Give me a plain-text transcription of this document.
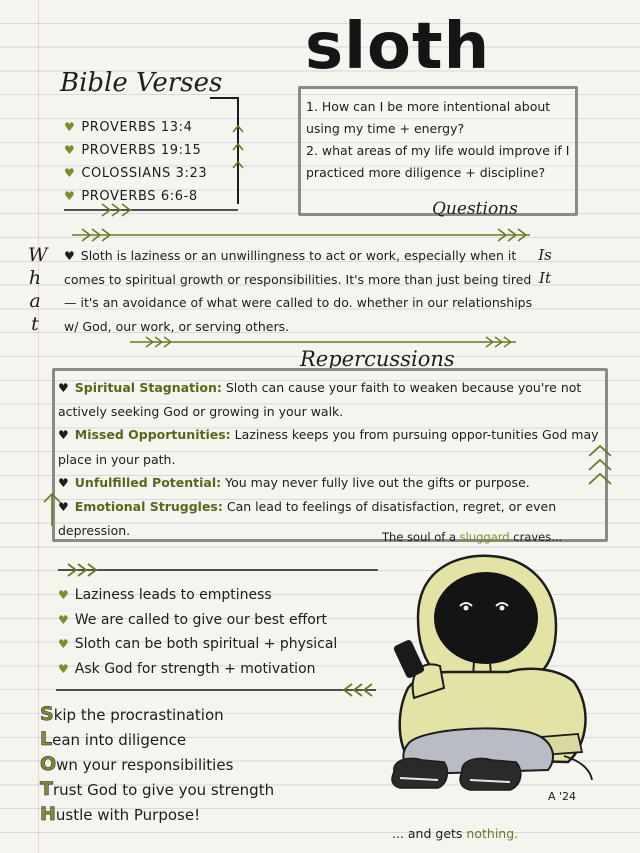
sloth
Bible Verses
♥ PROVERBS 13:4
♥ PROVERBS 19:15
♥ COLOSSIANS 3:23
♥ PROVERBS 6:6-8
1. How can I be more intentional about using my time + energy?
2. what areas of my life would improve if I practiced more diligence + discipline?
Questions
What
Is It
♥ Sloth is laziness or an unwillingness to act or work, especially when it comes to spiritual growth or responsibilities. It's more than just being tired — it's an avoidance of what were called to do. whether in our relationships w/ God, our work, or serving others.
Repercussions
♥ Spiritual Stagnation: Sloth can cause your faith to weaken because you're not actively seeking God or growing in your walk.
♥ Missed Opportunities: Laziness keeps you from pursuing oppor-tunities God may place in your path.
♥ Unfulfilled Potential: You may never fully live out the gifts or purpose.
♥ Emotional Struggles: Can lead to feelings of disatisfaction, regret, or even depression.	The soul of a sluggard craves...
♥ Laziness leads to emptiness
♥ We are called to give our best effort
♥ Sloth can be both spiritual + physical
♥ Ask God for strength + motivation
Skip the procrastination
Lean into diligence
Own your responsibilities
Trust God to give you strength
Hustle with Purpose!
A '24
... and gets nothing.
